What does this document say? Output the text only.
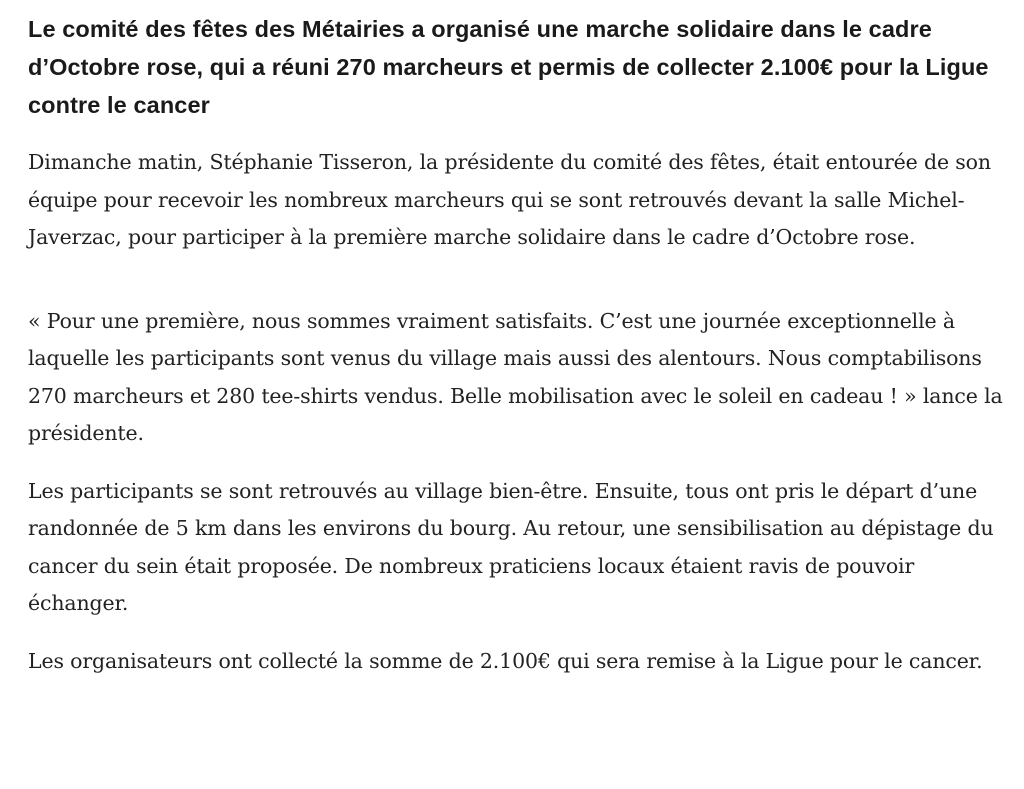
Le comité des fêtes des Métairies a organisé une marche solidaire dans le cadre d’Octobre rose, qui a réuni 270 marcheurs et permis de collecter 2.100€ pour la Ligue contre le cancer

Dimanche matin, Stéphanie Tisseron, la présidente du comité des fêtes, était entourée de son équipe pour recevoir les nombreux marcheurs qui se sont retrouvés devant la salle Michel-Javerzac, pour participer à la première marche solidaire dans le cadre d’Octobre rose.

« Pour une première, nous sommes vraiment satisfaits. C’est une journée exceptionnelle à laquelle les participants sont venus du village mais aussi des alentours. Nous comptabilisons 270 marcheurs et 280 tee-shirts vendus. Belle mobilisation avec le soleil en cadeau ! » lance la présidente.

Les participants se sont retrouvés au village bien-être. Ensuite, tous ont pris le départ d’une randonnée de 5 km dans les environs du bourg. Au retour, une sensibilisation au dépistage du cancer du sein était proposée. De nombreux praticiens locaux étaient ravis de pouvoir échanger.

Les organisateurs ont collecté la somme de 2.100€ qui sera remise à la Ligue pour le cancer.
